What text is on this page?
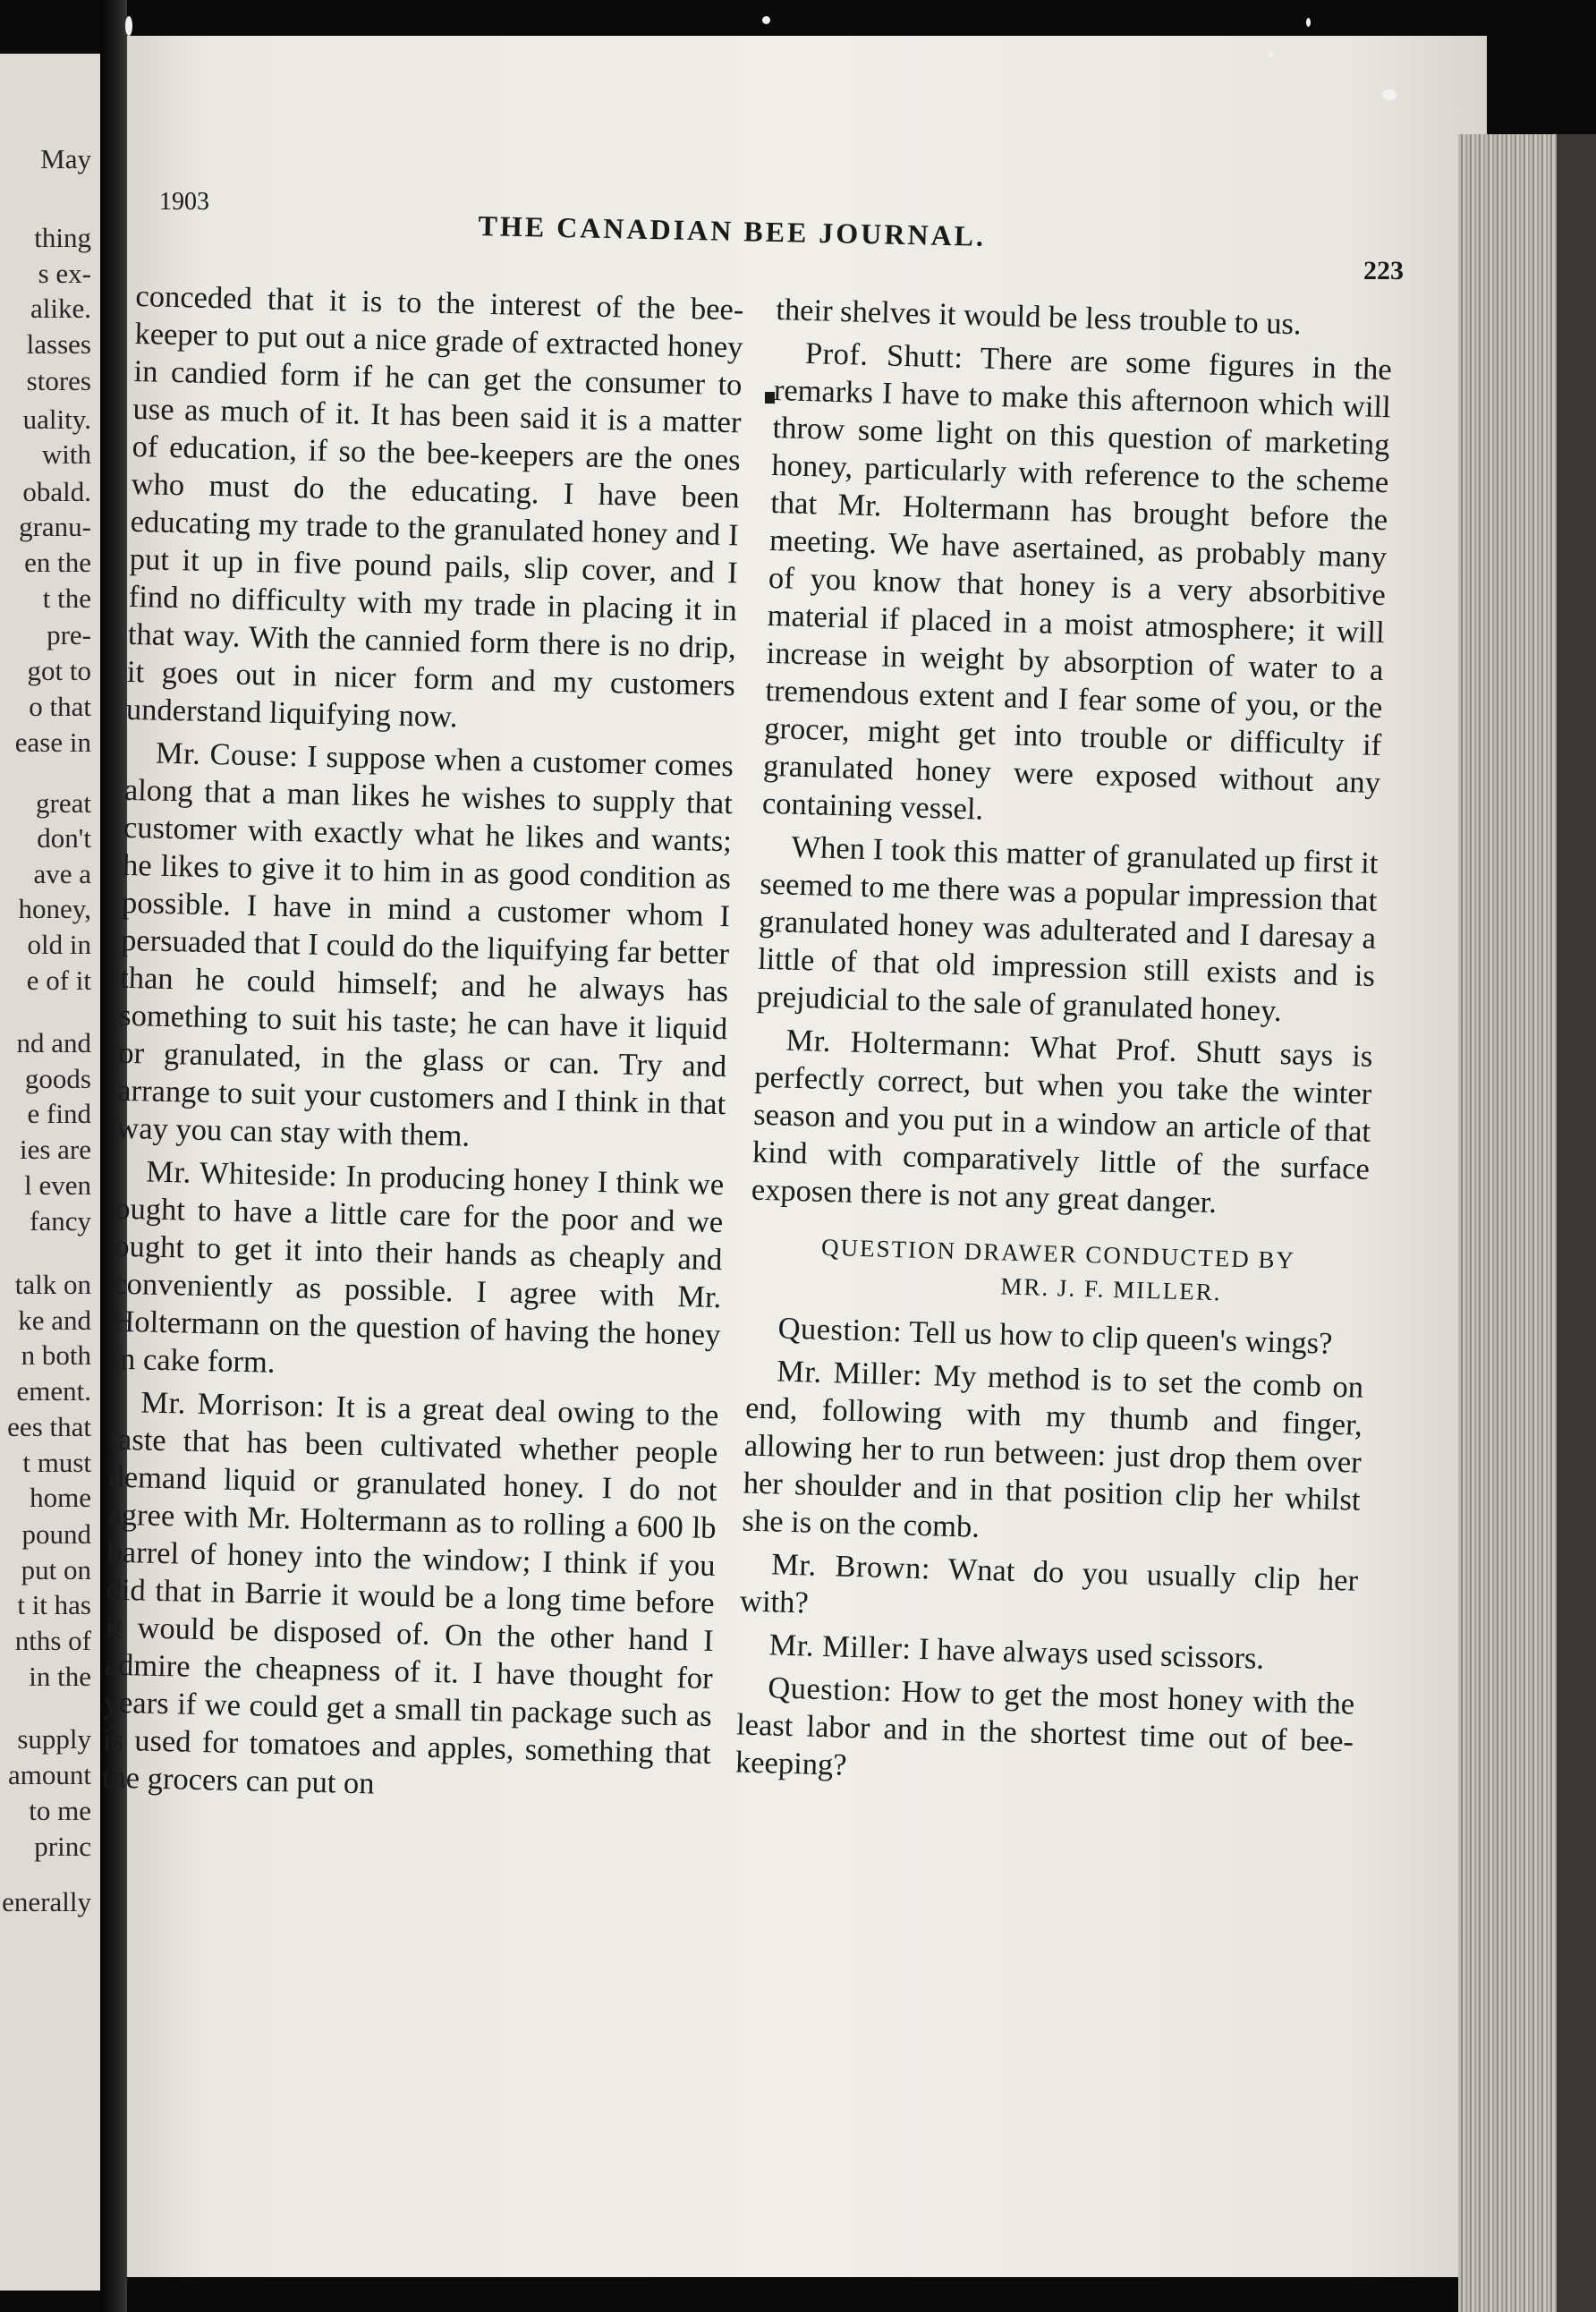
May
thing
s ex-
alike.
lasses
stores
uality.
with
obald.
granu-
en the
t the
pre-
got to
o that
ease in
great
don't
ave a
honey,
old in
e of it
nd and
goods
e find
ies are
l even
fancy
talk on
ke and
n both
ement.
ees that
t must
home
pound
put on
t it has
nths of
in the
supply
amount
to me
princ
enerally
1903
THE CANADIAN BEE JOURNAL.
223

conceded that it is to the interest of the bee-keeper to put out a nice grade of extracted honey in candied form if he can get the consumer to use as much of it. It has been said it is a matter of education, if so the bee-keepers are the ones who must do the educating. I have been educating my trade to the granulated honey and I put it up in five pound pails, slip cover, and I find no difficulty with my trade in placing it in that way. With the cannied form there is no drip, it goes out in nicer form and my customers understand liquifying now.

Mr. Couse: I suppose when a customer comes along that a man likes he wishes to supply that customer with exactly what he likes and wants; he likes to give it to him in as good condition as possible. I have in mind a customer whom I persuaded that I could do the liquifying far better than he could himself; and he always has something to suit his taste; he can have it liquid or granulated, in the glass or can. Try and arrange to suit your customers and I think in that way you can stay with them.

Mr. Whiteside: In producing honey I think we ought to have a little care for the poor and we ought to get it into their hands as cheaply and conveniently as possible. I agree with Mr. Holtermann on the question of having the honey in cake form.

Mr. Morrison: It is a great deal owing to the taste that has been cultivated whether people demand liquid or granulated honey. I do not agree with Mr. Holtermann as to rolling a 600 lb barrel of honey into the window; I think if you did that in Barrie it would be a long time before it would be disposed of. On the other hand I admire the cheapness of it. I have thought for years if we could get a small tin package such as is used for tomatoes and apples, something that the grocers can put on

their shelves it would be less trouble to us.

Prof. Shutt: There are some figures in the remarks I have to make this afternoon which will throw some light on this question of marketing honey, particularly with reference to the scheme that Mr. Holtermann has brought before the meeting. We have asertained, as probably many of you know that honey is a very absorbitive material if placed in a moist atmosphere; it will increase in weight by absorption of water to a tremendous extent and I fear some of you, or the grocer, might get into trouble or difficulty if granulated honey were exposed without any containing vessel.

When I took this matter of granulated up first it seemed to me there was a popular impression that granulated honey was adulterated and I daresay a little of that old impression still exists and is prejudicial to the sale of granulated honey.

Mr. Holtermann: What Prof. Shutt says is perfectly correct, but when you take the winter season and you put in a window an article of that kind with comparatively little of the surface exposen there is not any great danger.

QUESTION DRAWER CONDUCTED BY
MR. J. F. MILLER.

Question: Tell us how to clip queen's wings?

Mr. Miller: My method is to set the comb on end, following with my thumb and finger, allowing her to run between: just drop them over her shoulder and in that position clip her whilst she is on the comb.

Mr. Brown: Wnat do you usually clip her with?

Mr. Miller: I have always used scissors.

Question: How to get the most honey with the least labor and in the shortest time out of bee-keeping?
